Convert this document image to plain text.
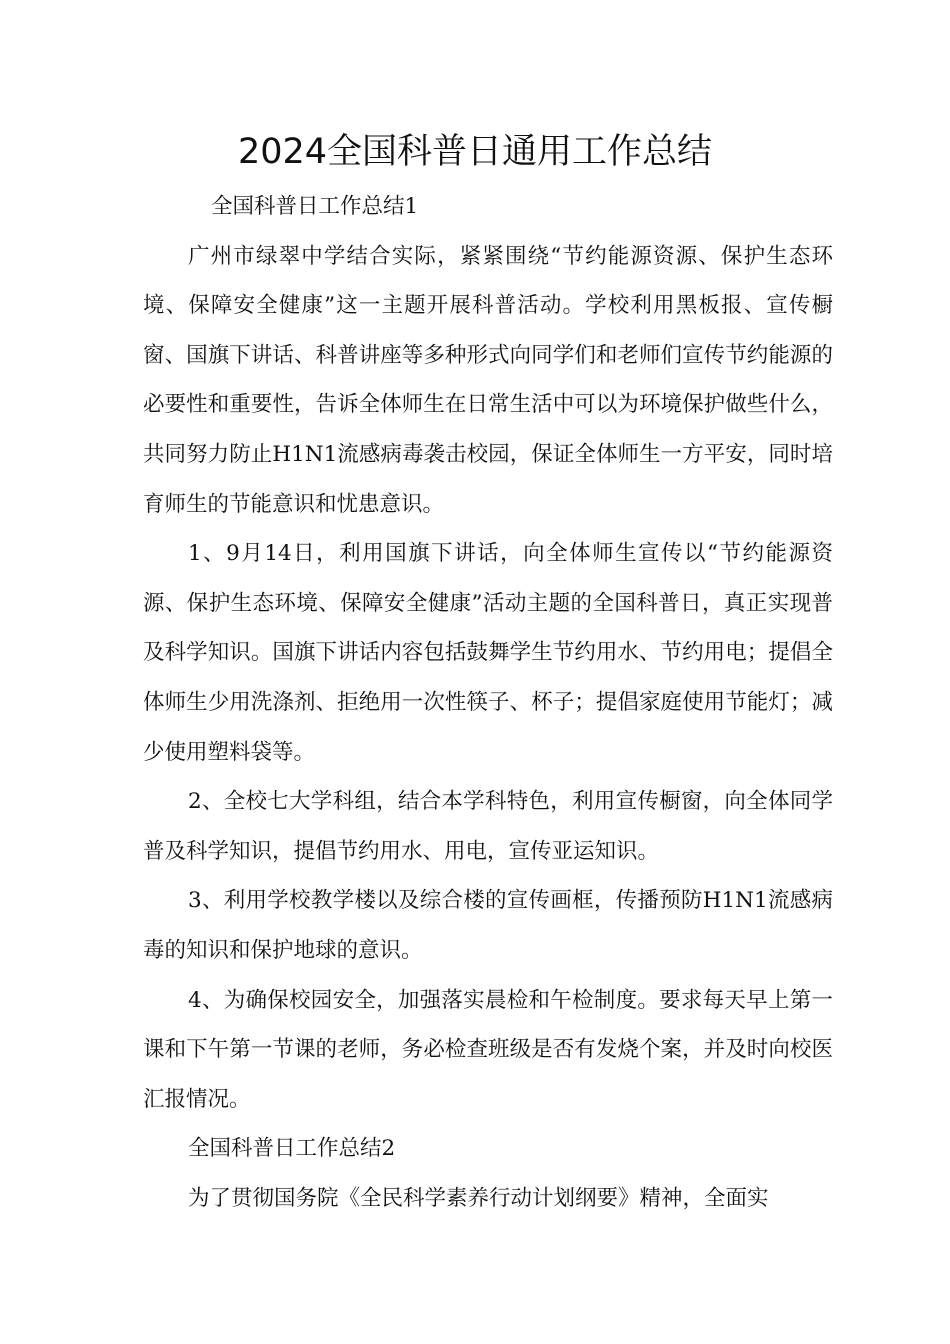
2024全国科普日通用工作总结

全国科普日工作总结1

广州市绿翠中学结合实际，紧紧围绕“节约能源资源、保护生态环境、保障安全健康”这一主题开展科普活动。学校利用黑板报、宣传橱窗、国旗下讲话、科普讲座等多种形式向同学们和老师们宣传节约能源的必要性和重要性，告诉全体师生在日常生活中可以为环境保护做些什么，共同努力防止H1N1流感病毒袭击校园，保证全体师生一方平安，同时培育师生的节能意识和忧患意识。

1、9月14日，利用国旗下讲话，向全体师生宣传以“节约能源资源、保护生态环境、保障安全健康”活动主题的全国科普日，真正实现普及科学知识。国旗下讲话内容包括鼓舞学生节约用水、节约用电；提倡全体师生少用洗涤剂、拒绝用一次性筷子、杯子；提倡家庭使用节能灯；减少使用塑料袋等。

2、全校七大学科组，结合本学科特色，利用宣传橱窗，向全体同学普及科学知识，提倡节约用水、用电，宣传亚运知识。

3、利用学校教学楼以及综合楼的宣传画框，传播预防H1N1流感病毒的知识和保护地球的意识。

4、为确保校园安全，加强落实晨检和午检制度。要求每天早上第一课和下午第一节课的老师，务必检查班级是否有发烧个案，并及时向校医汇报情况。

全国科普日工作总结2

为了贯彻国务院《全民科学素养行动计划纲要》精神，全面实
